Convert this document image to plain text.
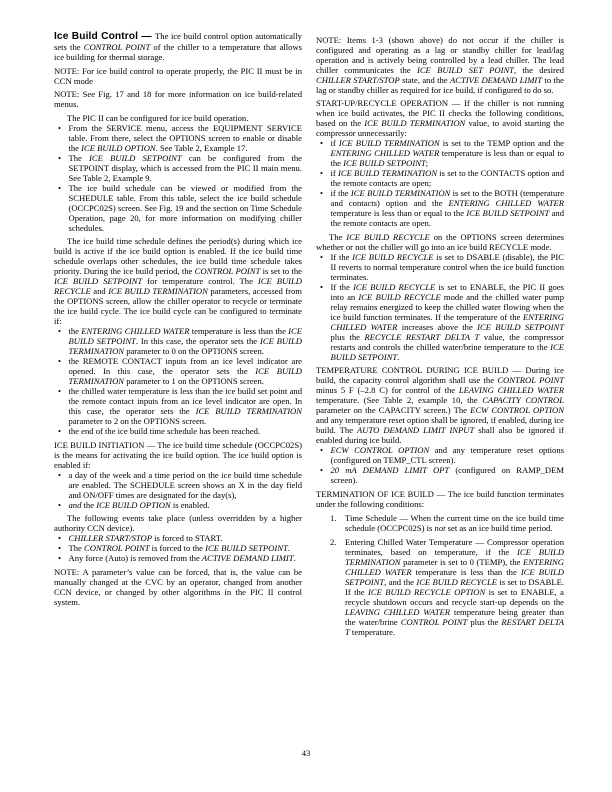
Ice Build Control — The ice build control option automatically sets the CONTROL POINT of the chiller to a temperature that allows ice building for thermal storage.
NOTE: For ice build control to operate properly, the PIC II must be in CCN mode
NOTE: See Fig. 17 and 18 for more information on ice build-related menus.
The PIC II can be configured for ice build operation.
• From the SERVICE menu, access the EQUIPMENT SERVICE table. From there, select the OPTIONS screen to enable or disable the ICE BUILD OPTION. See Table 2, Example 17.
• The ICE BUILD SETPOINT can be configured from the SETPOINT display, which is accessed from the PIC II main menu. See Table 2, Example 9.
• The ice build schedule can be viewed or modified from the SCHEDULE table. From this table, select the ice build schedule (OCCPC02S) screen. See Fig. 19 and the section on Time Schedule Operation, page 20, for more information on modifying chiller schedules.
The ice build time schedule defines the period(s) during which ice build is active if the ice build option is enabled. If the ice build time schedule overlaps other schedules, the ice build time schedule takes priority. During the ice build period, the CONTROL POINT is set to the ICE BUILD SETPOINT for temperature control. The ICE BUILD RECYCLE and ICE BUILD TERMINATION parameters, accessed from the OPTIONS screen, allow the chiller operator to recycle or terminate the ice build cycle. The ice build cycle can be configured to terminate if:
• the ENTERING CHILLED WATER temperature is less than the ICE BUILD SETPOINT. In this case, the operator sets the ICE BUILD TERMINATION parameter to 0 on the OPTIONS screen.
• the REMOTE CONTACT inputs from an ice level indicator are opened. In this case, the operator sets the ICE BUILD TERMINATION parameter to 1 on the OPTIONS screen.
• the chilled water temperature is less than the ice build set point and the remote contact inputs from an ice level indicator are open. In this case, the operator sets the ICE BUILD TERMINATION parameter to 2 on the OPTIONS screen.
• the end of the ice build time schedule has been reached.
ICE BUILD INITIATION — The ice build time schedule (OCCPC02S) is the means for activating the ice build option. The ice build option is enabled if:
• a day of the week and a time period on the ice build time schedule are enabled. The SCHEDULE screen shows an X in the day field and ON/OFF times are designated for the day(s),
• and the ICE BUILD OPTION is enabled.
The following events take place (unless overridden by a higher authority CCN device).
• CHILLER START/STOP is forced to START.
• The CONTROL POINT is forced to the ICE BUILD SETPOINT.
• Any force (Auto) is removed from the ACTIVE DEMAND LIMIT.
NOTE: A parameter’s value can be forced, that is, the value can be manually changed at the CVC by an operator, changed from another CCN device, or changed by other algorithms in the PIC II control system.
NOTE: Items 1-3 (shown above) do not occur if the chiller is configured and operating as a lag or standby chiller for lead/lag operation and is actively being controlled by a lead chiller. The lead chiller communicates the ICE BUILD SET POINT, the desired CHILLER START/STOP state, and the ACTIVE DEMAND LIMIT to the lag or standby chiller as required for ice build, if configured to do so.
START-UP/RECYCLE OPERATION — If the chiller is not running when ice build activates, the PIC II checks the following conditions, based on the ICE BUILD TERMINATION value, to avoid starting the compressor unnecessarily:
• if ICE BUILD TERMINATION is set to the TEMP option and the ENTERING CHILLED WATER temperature is less than or equal to the ICE BUILD SETPOINT;
• if ICE BUILD TERMINATION is set to the CONTACTS option and the remote contacts are open;
• if the ICE BUILD TERMINATION is set to the BOTH (temperature and contacts) option and the ENTERING CHILLED WATER temperature is less than or equal to the ICE BUILD SETPOINT and the remote contacts are open.
The ICE BUILD RECYCLE on the OPTIONS screen determines whether or not the chiller will go into an ice build RECYCLE mode.
• If the ICE BUILD RECYCLE is set to DSABLE (disable), the PIC II reverts to normal temperature control when the ice build function terminates.
• If the ICE BUILD RECYCLE is set to ENABLE, the PIC II goes into an ICE BUILD RECYCLE mode and the chilled water pump relay remains energized to keep the chilled water flowing when the ice build function terminates. If the temperature of the ENTERING CHILLED WATER increases above the ICE BUILD SETPOINT plus the RECYCLE RESTART DELTA T value, the compressor restarts and controls the chilled water/brine temperature to the ICE BUILD SETPOINT.
TEMPERATURE CONTROL DURING ICE BUILD — During ice build, the capacity control algorithm shall use the CONTROL POINT minus 5 F (–2.8 C) for control of the LEAVING CHILLED WATER temperature. (See Table 2, example 10, the CAPACITY CONTROL parameter on the CAPACITY screen.) The ECW CONTROL OPTION and any temperature reset option shall be ignored, if enabled, during ice build. The AUTO DEMAND LIMIT INPUT shall also be ignored if enabled during ice build.
• ECW CONTROL OPTION and any temperature reset options (configured on TEMP_CTL screen).
• 20 mA DEMAND LIMIT OPT (configured on RAMP_DEM screen).
TERMINATION OF ICE BUILD — The ice build function terminates under the following conditions:
1. Time Schedule — When the current time on the ice build time schedule (OCCPC02S) is not set as an ice build time period.
2. Entering Chilled Water Temperature — Compressor operation terminates, based on temperature, if the ICE BUILD TERMINATION parameter is set to 0 (TEMP), the ENTERING CHILLED WATER temperature is less than the ICE BUILD SETPOINT, and the ICE BUILD RECYCLE is set to DSABLE. If the ICE BUILD RECYCLE OPTION is set to ENABLE, a recycle shutdown occurs and recycle start-up depends on the LEAVING CHILLED WATER temperature being greater than the water/brine CONTROL POINT plus the RESTART DELTA T temperature.
43
